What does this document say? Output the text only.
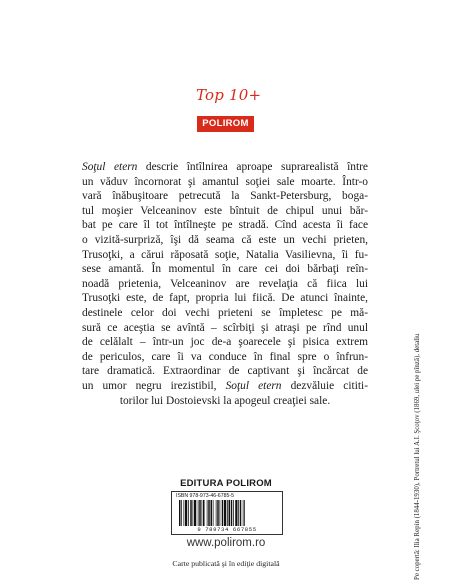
Top 10+
POLIROM
Soţul etern descrie întîlnirea aproape suprarealistă între
un văduv încornorat şi amantul soţiei sale moarte. Într-o
vară înăbuşitoare petrecută la Sankt-Petersburg, boga-
tul moşier Velceaninov este bîntuit de chipul unui băr-
bat pe care îl tot întîlneşte pe stradă. Cînd acesta îi face
o vizită-surpriză, îşi dă seama că este un vechi prieten,
Trusoţki, a cărui răposată soţie, Natalia Vasilievna, îi fu-
sese amantă. În momentul în care cei doi bărbaţi reîn-
noadă prietenia, Velceaninov are revelaţia că fiica lui
Trusoţki este, de fapt, propria lui fiică. De atunci înainte,
destinele celor doi vechi prieteni se împletesc pe mă-
sură ce aceştia se avîntă – scîrbiţi şi atraşi pe rînd unul
de celălalt – într-un joc de-a şoarecele şi pisica extrem
de periculos, care îi va conduce în final spre o înfrun-
tare dramatică. Extraordinar de captivant şi încărcat de
un umor negru irezistibil, Soţul etern dezvăluie cititi-
torilor lui Dostoievski la apogeul creaţiei sale.	Pe copertă: Ilia Repin (1844-1930), Portretul lui A.I. Şcoţov (1869, ulei pe pînză), detaliu
EDITURA POLIROM
ISBN 978-973-46-6785-5
9 789734 667855
www.polirom.ro
Carte publicată şi în ediţie digitală
